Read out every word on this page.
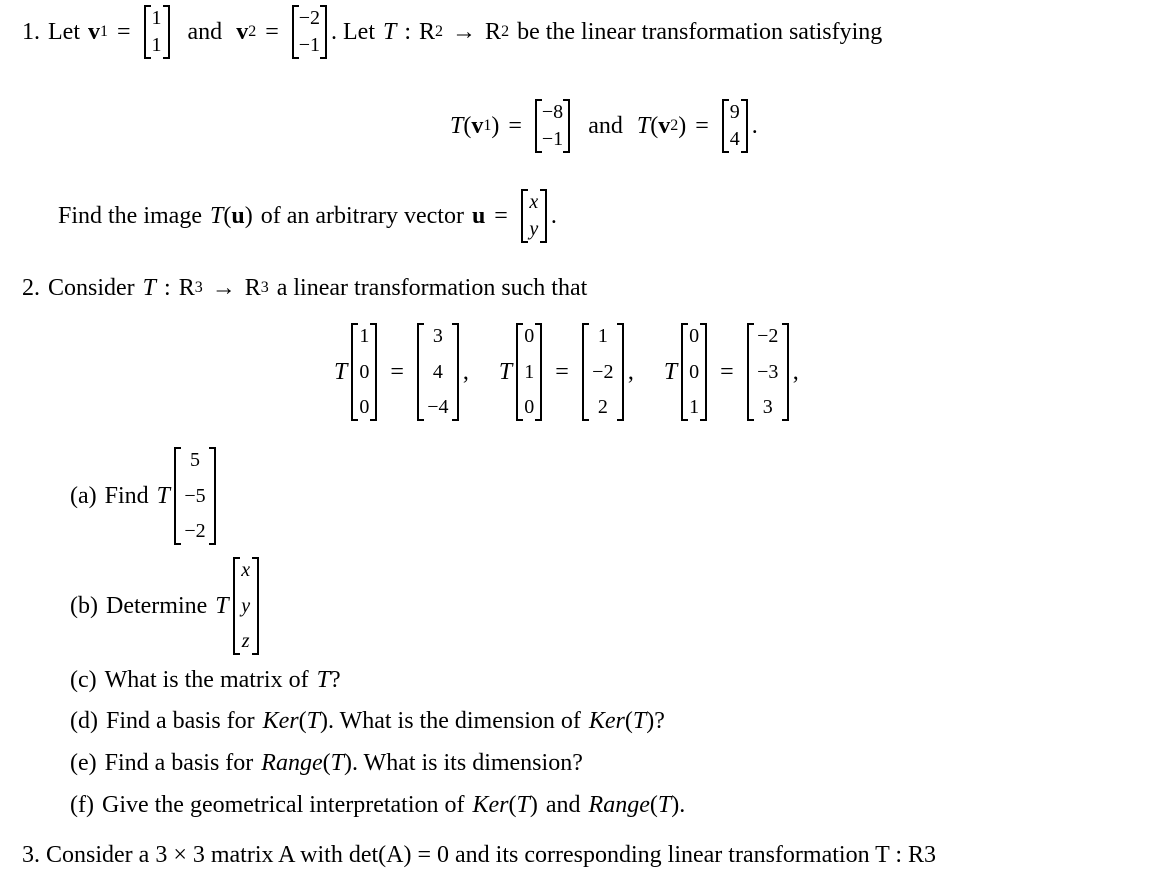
1. Let v 1 =
1
1
and v 2 =
−2
−1
. Let T : R 2 → R 2 be the linear transformation satisfying
T ( v 1 ) =
−8
−1
and T ( v 2 ) =
9
4
.
Find the image T ( u ) of an arbitrary vector u =
x
y
.
2. Consider T : R 3 → R 3 a linear transformation such that
T
1
0
0
=
3
4
−4
, T
0
1
0
=
1
−2
2
, T
0
0
1
=
−2
−3
3
,
(a) Find T
5
−5
−2
(b) Determine T
x
y
z
(c) What is the matrix of T ?
(d) Find a basis for Ker ( T ) . What is the dimension of Ker ( T ) ?
(e) Find a basis for Range ( T ) . What is its dimension?
(f) Give the geometrical interpretation of Ker ( T ) and Range ( T ) .
3. Consider a 3 × 3 matrix A with det(A) = 0 and its corresponding linear transformation T : R3
